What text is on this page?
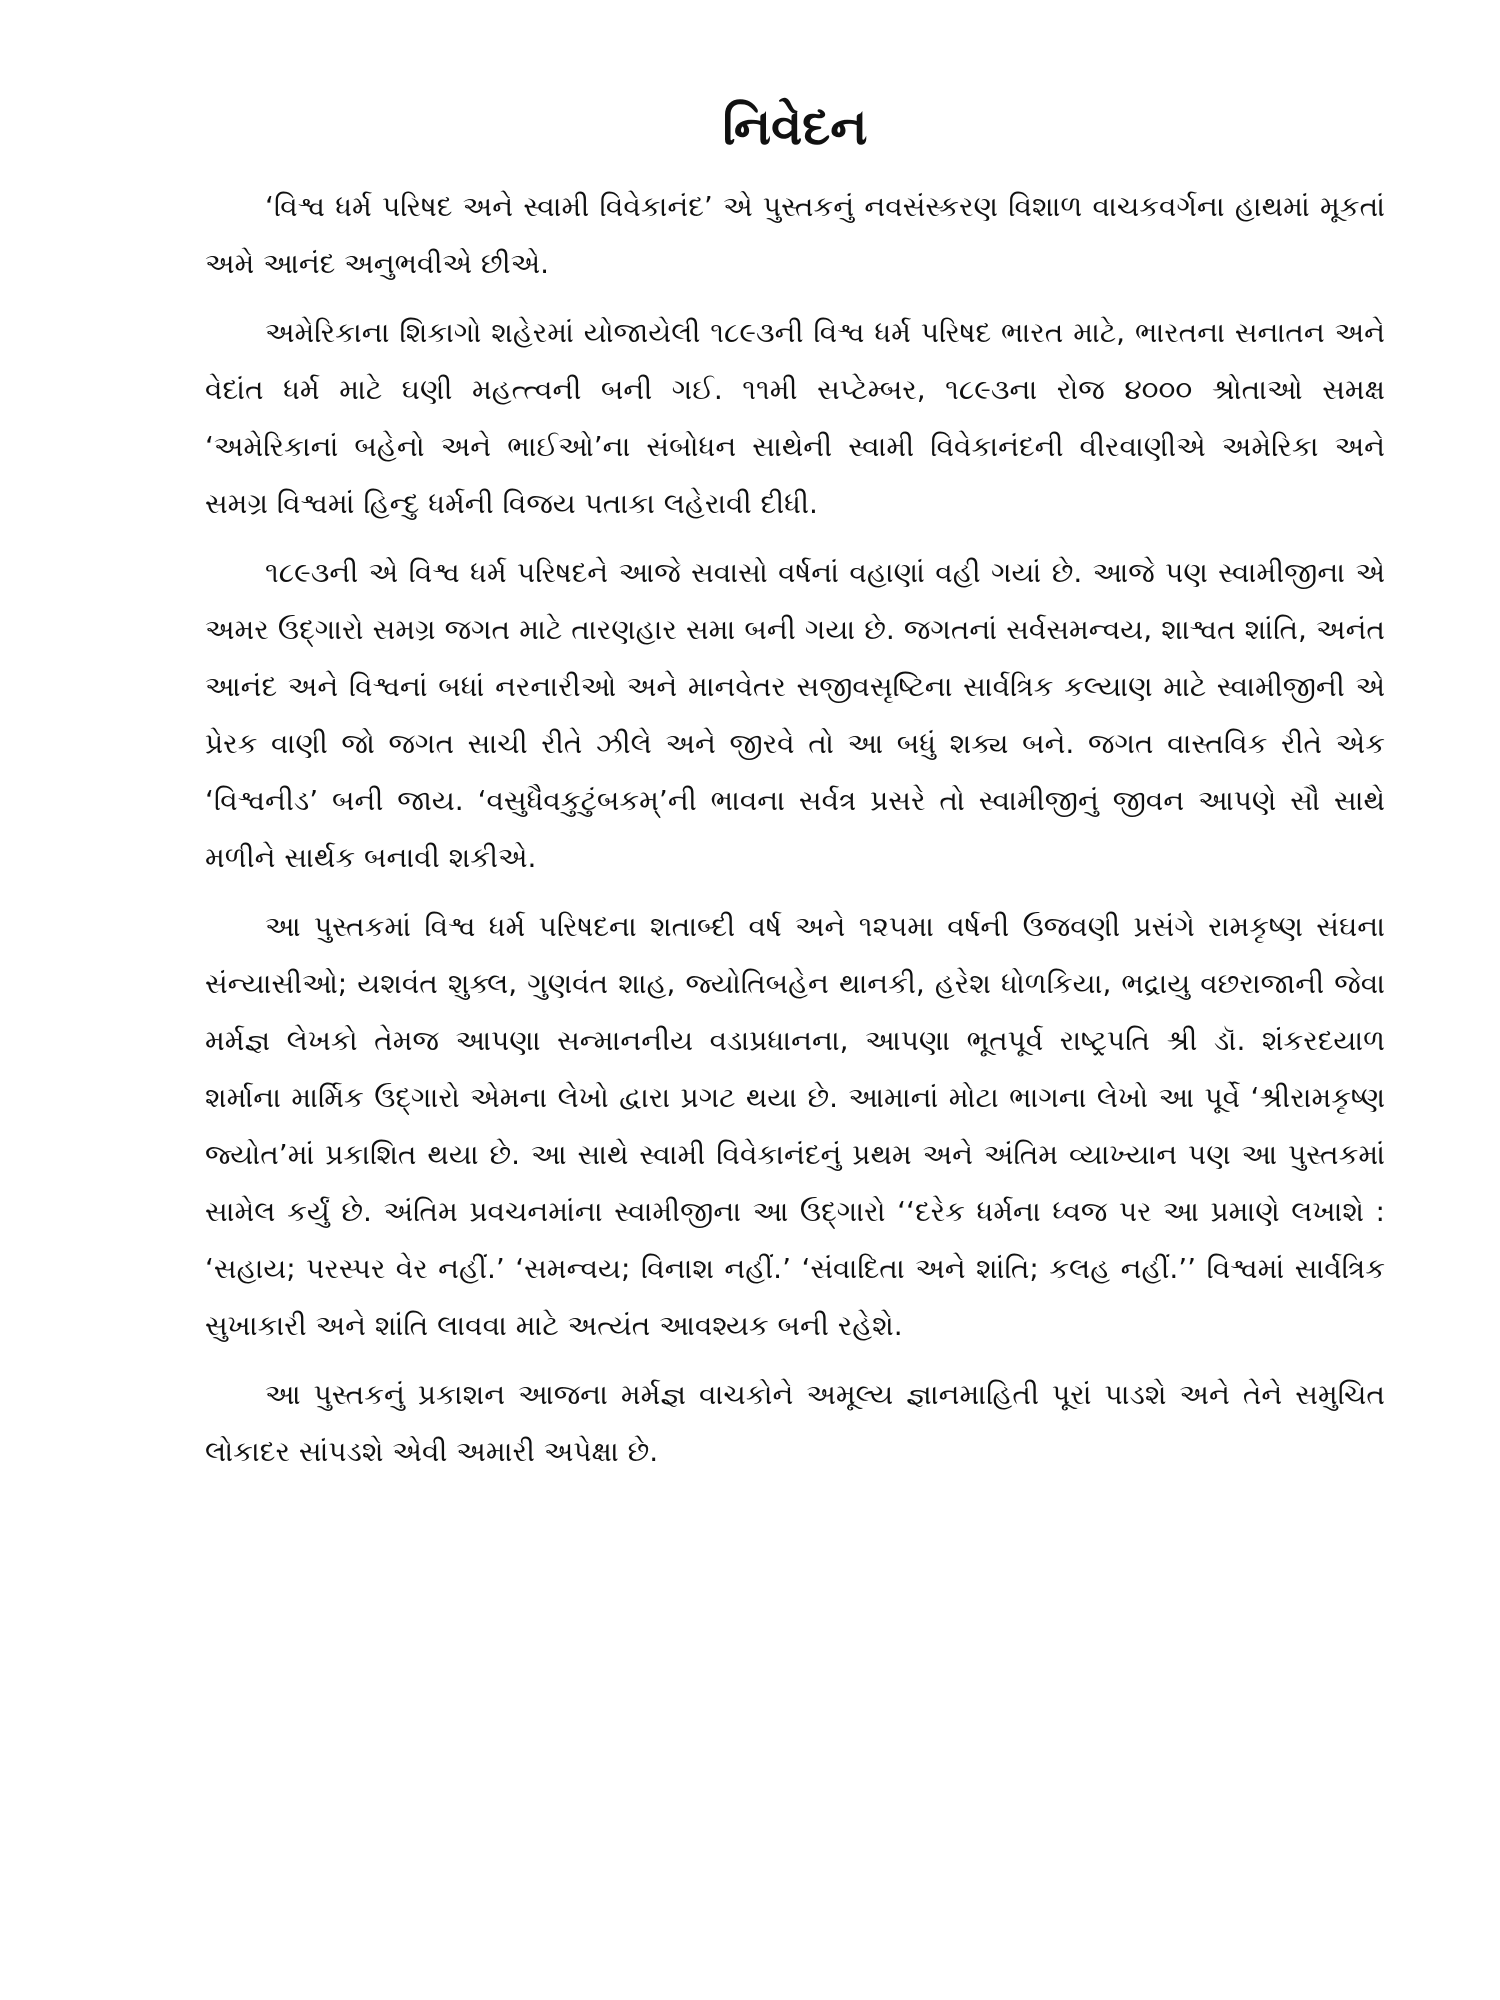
નિવેદન

‘વિશ્વ ધર્મ પરિષદ અને સ્વામી વિવેકાનંદ’ એ પુસ્તકનું નવસંસ્કરણ વિશાળ વાચકવર્ગના હાથમાં મૂકતાં અમે આનંદ અનુભવીએ છીએ.

અમેરિકાના શિકાગો શહેરમાં યોજાયેલી ૧૮૯૩ની વિશ્વ ધર્મ પરિષદ ભારત માટે, ભારતના સનાતન અને વેદાંત ધર્મ માટે ઘણી મહત્ત્વની બની ગઈ. ૧૧મી સપ્ટેમ્બર, ૧૮૯૩ના રોજ ૪૦૦૦ શ્રોતાઓ સમક્ષ ‘અમેરિકાનાં બહેનો અને ભાઈઓ’ના સંબોધન સાથેની સ્વામી વિવેકાનંદની વીરવાણીએ અમેરિકા અને સમગ્ર વિશ્વમાં હિન્દુ ધર્મની વિજય પતાકા લહેરાવી દીધી.

૧૮૯૩ની એ વિશ્વ ધર્મ પરિષદને આજે સવાસો વર્ષનાં વહાણાં વહી ગયાં છે. આજે પણ સ્વામીજીના એ અમર ઉદ્‌ગારો સમગ્ર જગત માટે તારણહાર સમા બની ગયા છે. જગતનાં સર્વસમન્વય, શાશ્વત શાંતિ, અનંત આનંદ અને વિશ્વનાં બધાં નરનારીઓ અને માનવેતર સજીવસૃષ્ટિના સાર્વત્રિક કલ્યાણ માટે સ્વામીજીની એ પ્રેરક વાણી જો જગત સાચી રીતે ઝીલે અને જીરવે તો આ બધું શક્ય બને. જગત વાસ્તવિક રીતે એક ‘વિશ્વનીડ’ બની જાય. ‘વસુધૈવકુટુંબકમ્’ની ભાવના સર્વત્ર પ્રસરે તો સ્વામીજીનું જીવન આપણે સૌ સાથે મળીને સાર્થક બનાવી શકીએ.

આ પુસ્તકમાં વિશ્વ ધર્મ પરિષદના શતાબ્દી વર્ષ અને ૧૨૫મા વર્ષની ઉજવણી પ્રસંગે રામકૃષ્ણ સંઘના સંન્યાસીઓ; યશવંત શુક્લ, ગુણવંત શાહ, જ્યોતિબહેન થાનકી, હરેશ ધોળકિયા, ભદ્રાયુ વછરાજાની જેવા મર્મજ્ઞ લેખકો તેમજ આપણા સન્માનનીય વડાપ્રધાનના, આપણા ભૂતપૂર્વ રાષ્ટ્રપતિ શ્રી ડૉ. શંકરદયાળ શર્માના માર્મિક ઉદ્‌ગારો એમના લેખો દ્વારા પ્રગટ થયા છે. આમાનાં મોટા ભાગના લેખો આ પૂર્વે ‘શ્રીરામકૃષ્ણ જ્યોત’માં પ્રકાશિત થયા છે. આ સાથે સ્વામી વિવેકાનંદનું પ્રથમ અને અંતિમ વ્યાખ્યાન પણ આ પુસ્તકમાં સામેલ કર્યું છે. અંતિમ પ્રવચનમાંના સ્વામીજીના આ ઉદ્‌ગારો ‘‘દરેક ધર્મના ધ્વજ પર આ પ્રમાણે લખાશે : ‘સહાય; પરસ્પર વેર નહીં.’ ‘સમન્વય; વિનાશ નહીં.’ ‘સંવાદિતા અને શાંતિ; કલહ નહીં.’’ વિશ્વમાં સાર્વત્રિક સુખાકારી અને શાંતિ લાવવા માટે અત્યંત આવશ્યક બની રહેશે.

આ પુસ્તકનું પ્રકાશન આજના મર્મજ્ઞ વાચકોને અમૂલ્ય જ્ઞાનમાહિતી પૂરાં પાડશે અને તેને સમુચિત લોકાદર સાંપડશે એવી અમારી અપેક્ષા છે.
